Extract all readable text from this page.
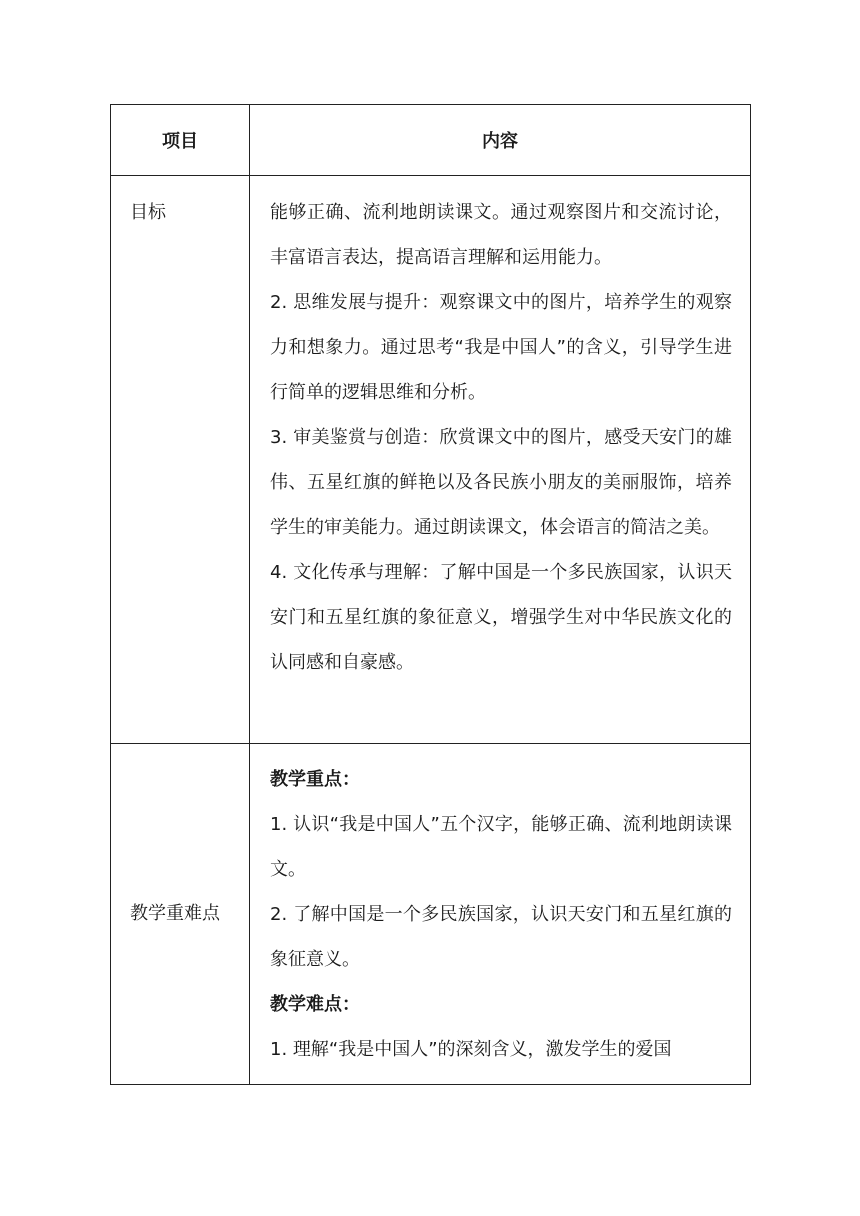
项目	内容

目标	能够正确、流利地朗读课文。通过观察图片和交流讨论，丰富语言表达，提高语言理解和运用能力。

2. 思维发展与提升：观察课文中的图片，培养学生的观察力和想象力。通过思考“我是中国人”的含义，引导学生进行简单的逻辑思维和分析。

3. 审美鉴赏与创造：欣赏课文中的图片，感受天安门的雄伟、五星红旗的鲜艳以及各民族小朋友的美丽服饰，培养学生的审美能力。通过朗读课文，体会语言的简洁之美。

4. 文化传承与理解：了解中国是一个多民族国家，认识天安门和五星红旗的象征意义，增强学生对中华民族文化的认同感和自豪感。

教学重难点	教学重点：

1. 认识“我是中国人”五个汉字，能够正确、流利地朗读课文。

2. 了解中国是一个多民族国家，认识天安门和五星红旗的象征意义。

教学难点：

1. 理解“我是中国人”的深刻含义，激发学生的爱国
